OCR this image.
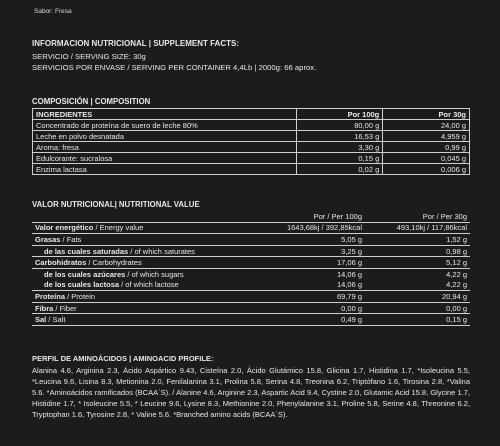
Sabor: Fresa
INFORMACION NUTRICIONAL | SUPPLEMENT FACTS:
SERVICIO / SERVING SIZE: 30g
SERVICIOS POR ENVASE / SERVING PER CONTAINER 4,4Lb | 2000g: 66 aprox.
COMPOSICIÓN | COMPOSITION
INGREDIENTES	Por 100g	Por 30g
Concentrado de proteína de suero de leche 80%	80,00 g	24,00 g
Leche en polvo desnatada	16,53 g	4,959 g
Aroma: fresa	3,30 g	0,99 g
Edulcorante: sucralosa	0,15 g	0,045 g
Enzima lactasa	0,02 g	0,006 g
VALOR NUTRICIONAL| NUTRITIONAL VALUE
	Por / Per 100g	Por / Per 30g
Valor energético / Energy value	1643,68kj / 392,85kcal	493,10kj / 117,86kcal
Grasas / Fats	5,05 g	1,52 g
de las cuales saturadas / of which saturates	3,25 g	0,98 g
Carbohidratos / Carbohydrates	17,06 g	5,12 g
de los cuales azúcares / of which sugars	14,06 g	4,22 g
de los cuales lactosa / of which lactose	14,06 g	4,22 g
Proteína / Protein	69,79 g	20,94 g
Fibra / Fiber	0,00 g	0,00 g
Sal / Salt	0,49 g	0,15 g
PERFIL DE AMINOÁCIDOS | AMINOACID PROFILE:
Alanina 4.6, Arginina 2.3, Ácido Aspártico 9.43, Cisteína 2.0, Ácido Glutámico 15.8, Glicina 1.7, Histidina 1.7, *Isoleucina 5.5, *Leucina 9.6, Lisina 8.3, Metionina 2.0, Fenilalanina 3.1, Prolina 5.8, Serina 4.8, Treonina 6.2, Triptófano 1.6, Tirosina 2.8, *Valina 5.6. *Aminoácidos ramificados (BCAA´S). / Alanine 4.6, Arginine 2.3, Aspartic Acid 9.4, Cystine 2.0, Glutamic Acid 15.8, Glycine 1.7, Histidine 1.7, * Isoleucine 5.5, * Leucine 9.6, Lysine 8.3, Methionine 2.0, Phenylalanine 3.1, Proline 5.8, Serine 4.8, Threonine 6.2, Tryptophan 1.6, Tyrosine 2.8, * Valine 5.6. *Branched amino acids (BCAA´S).
